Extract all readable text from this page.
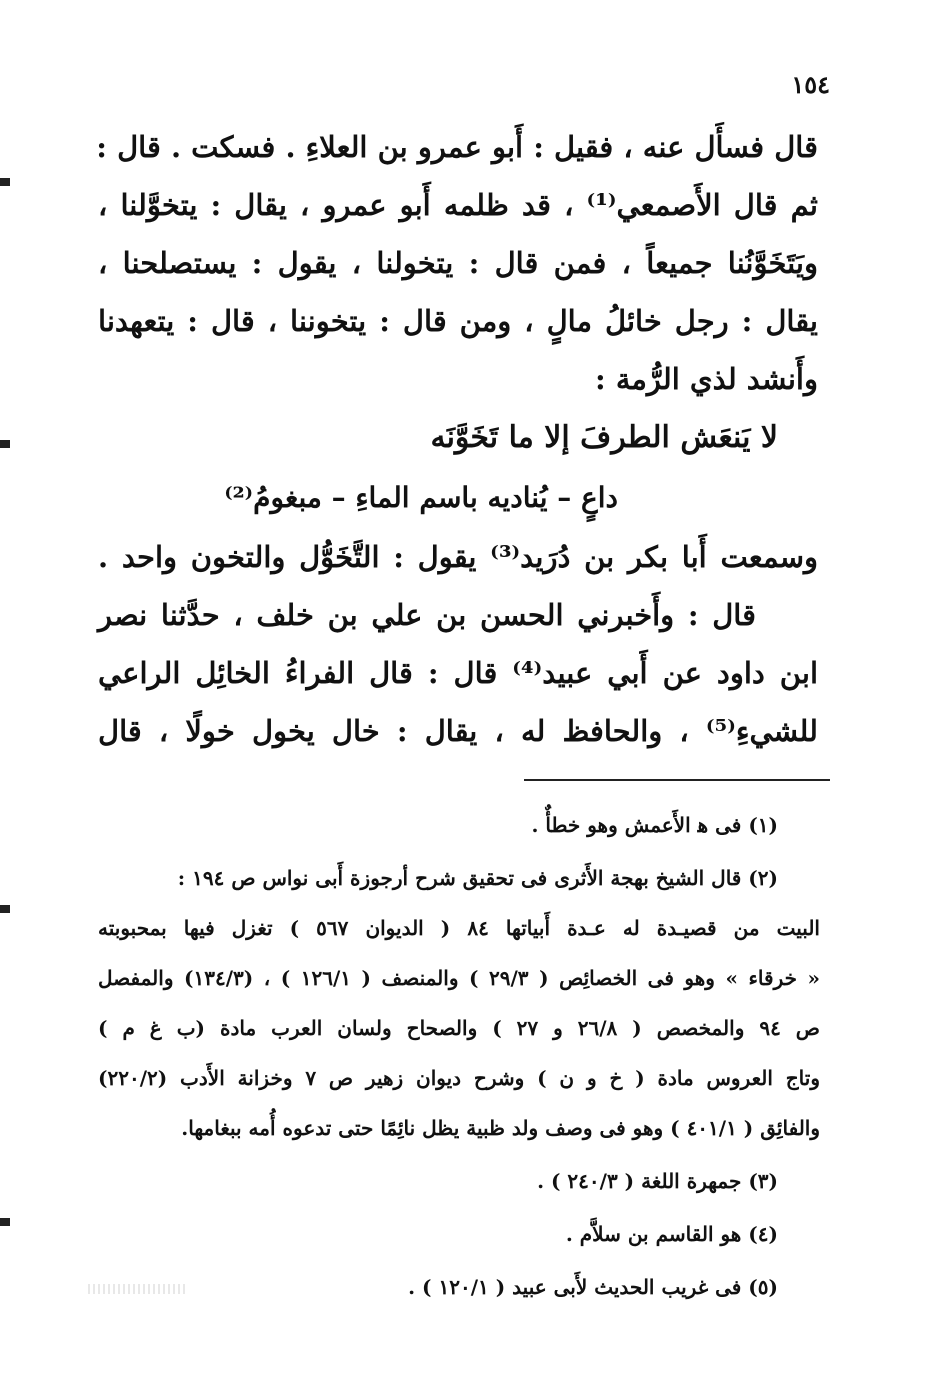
١٥٤
قال فسأَل عنه ، فقيل : أَبو عمرو بن العلاءِ . فسكت . قال :
ثم قال الأَصمعي⁽¹⁾ ، قد ظلمه أَبو عمرو ، يقال : يتخوَّلنا ،
ويَتَخَوَّنُنا جميعاً ، فمن قال : يتخولنا ، يقول : يستصلحنا ،
يقال : رجل خائلُ مالٍ ، ومن قال : يتخوننا ، قال : يتعهدنا
وأَنشد لذي الرُّمة :
لا يَنعَش الطرفَ إلا ما تَخَوَّنَه
داعٍ – يُناديه باسم الماءِ – مبغومُ⁽²⁾
وسمعت أَبا بكر بن دُرَيد⁽³⁾ يقول : التَّخَوُّل والتخون واحد .
قال : وأَخبرني الحسن بن علي بن خلف ، حدَّثنا نصر
ابن داود عن أَبي عبيد⁽⁴⁾ قال : قال الفراءُ الخائِل الراعي
للشيءِ⁽⁵⁾ ، والحافظ له ، يقال : خال يخول خولًا ، قال
(١) فى ﻫ الأَعمش وهو خطأٌ .
(٢) قال الشيخ بهجة الأَثرى فى تحقيق شرح أرجوزة أَبى نواس ص ١٩٤ :
البيت من قصيـدة له عـدة أَبياتها ٨٤ ( الديوان ٥٦٧ ) تغزل فيها بمحبوبته
« خرقاء » وهو فى الخصائِص ( ٢٩/٣ ) والمنصف ( ١٢٦/١ ) ، (١٣٤/٣) والمفصل
ص ٩٤ والمخصص ( ٢٦/٨ و ٢٧ ) والصحاح ولسان العرب مادة (ب غ م )
وتاج العروس مادة ( خ و ن ) وشرح ديوان زهير ص ٧ وخزانة الأَدب (٢٢٠/٢)
والفائِق ( ٤٠١/١ ) وهو فى وصف ولد ظبية يظل نائِمًا حتى تدعوه أُمه ببغامها.
(٣) جمهرة اللغة ( ٢٤٠/٣ ) .
(٤) هو القاسم بن سلاَّم .
(٥) فى غريب الحديث لأَبى عبيد ( ١٢٠/١ ) .
